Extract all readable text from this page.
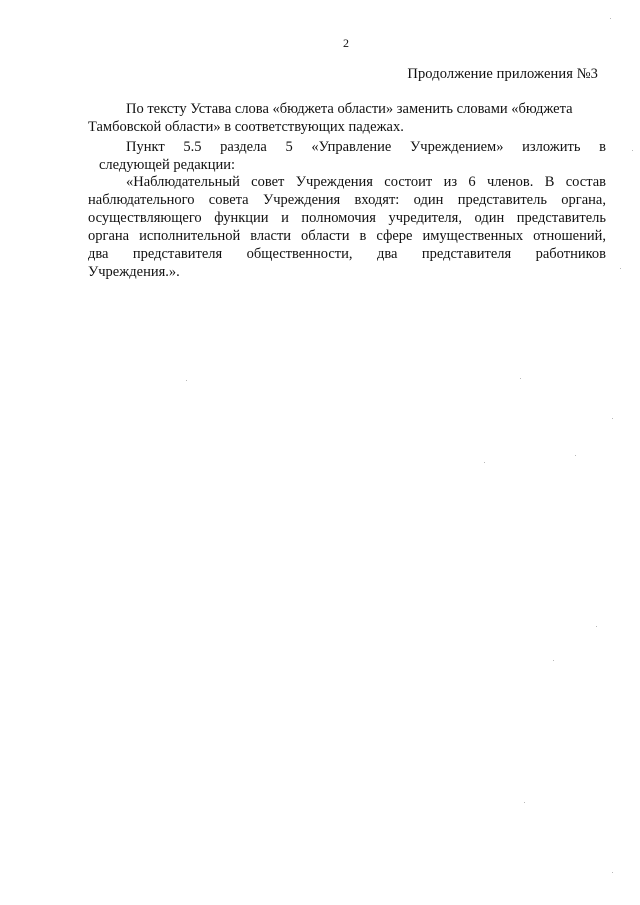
2
Продолжение приложения №3
По тексту Устава слова «бюджета области» заменить словами «бюджета
Тамбовской области» в соответствующих падежах.
Пункт 5.5 раздела 5 «Управление Учреждением» изложить в
следующей редакции:
«Наблюдательный совет Учреждения состоит из 6 членов. В состав
наблюдательного совета Учреждения входят: один представитель органа,
осуществляющего функции и полномочия учредителя, один представитель
органа исполнительной власти области в сфере имущественных отношений,
два представителя общественности, два представителя работников
Учреждения.».
